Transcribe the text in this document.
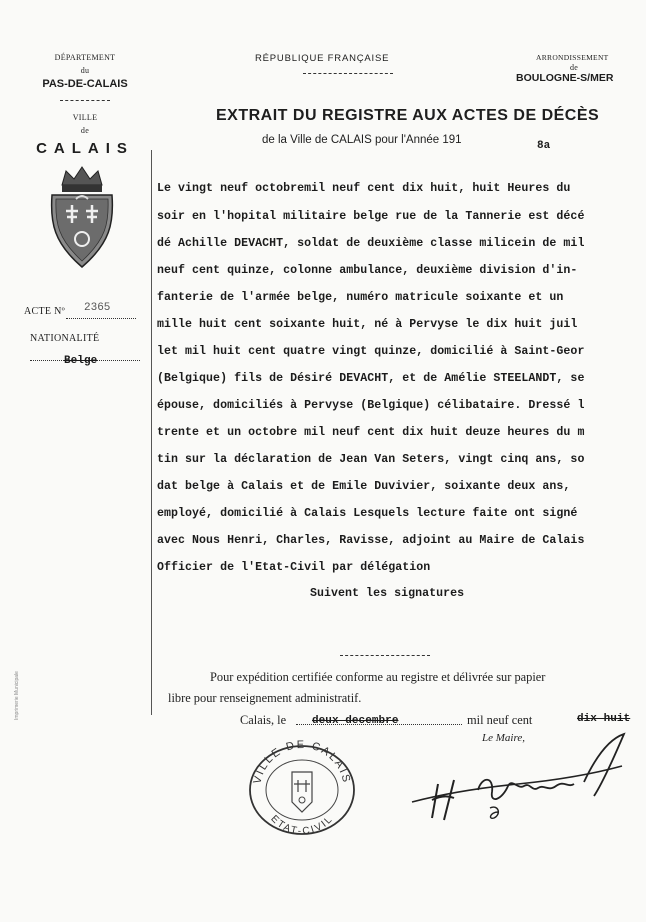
DÉPARTEMENT
du
PAS-DE-CALAIS
VILLE
de
CALAIS
ACTE Nº 2365
NATIONALITÉ
Belge
Imprimerie Municipale
RÉPUBLIQUE FRANÇAISE	ARRONDISSEMENT
de
BOULOGNE-S/MER
EXTRAIT DU REGISTRE AUX ACTES DE DÉCÈS
de la Ville de CALAIS pour l'Année 191	8a
Le vingt neuf octobremil neuf cent dix huit, huit Heures du
soir en l'hopital militaire belge rue de la Tannerie est décé
dé Achille DEVACHT, soldat de deuxième classe milicein de mil
neuf cent quinze, colonne ambulance, deuxième division d'in-
fanterie de l'armée belge, numéro matricule soixante et un
mille huit cent soixante huit, né à Pervyse le dix huit juil
let mil huit cent quatre vingt quinze, domicilié à Saint-Geor
(Belgique) fils de Désiré DEVACHT, et de Amélie STEELANDT, se
épouse, domiciliés à Pervyse (Belgique) célibataire. Dressé l
trente et un octobre mil neuf cent dix huit deuze heures du m
tin sur la déclaration de Jean Van Seters, vingt cinq ans, so
dat belge à Calais et de Emile Duvivier, soixante deux ans,
employé, domicilié à Calais Lesquels lecture faite ont signé
avec Nous Henri, Charles, Ravisse, adjoint au Maire de Calais
Officier de l'Etat-Civil par délégation
Suivent les signatures
Pour expédition certifiée conforme au registre et délivrée sur papier
libre pour renseignement administratif.
Calais, le deux decembre	mil neuf cent	dix huit
Le Maire,
VILLE DE CALAIS
ETAT-CIVIL
